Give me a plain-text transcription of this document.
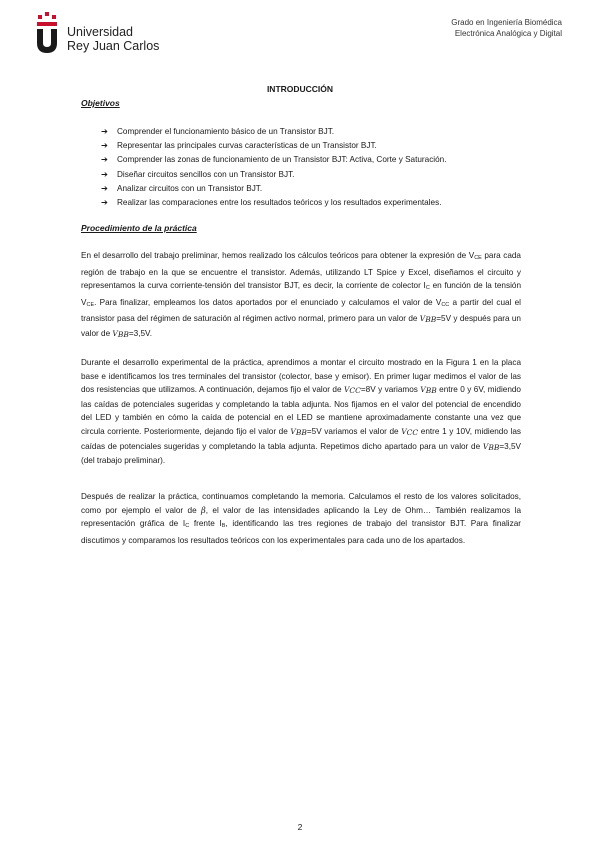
Universidad
Rey Juan Carlos
Grado en Ingeniería Biomédica
Electrónica Analógica y Digital
INTRODUCCIÓN
Objetivos
➔ Comprender el funcionamiento básico de un Transistor BJT.
➔ Representar las principales curvas características de un Transistor BJT.
➔ Comprender las zonas de funcionamiento de un Transistor BJT: Activa, Corte y Saturación.
➔ Diseñar circuitos sencillos con un Transistor BJT.
➔ Analizar circuitos con un Transistor BJT.
➔ Realizar las comparaciones entre los resultados teóricos y los resultados experimentales.
Procedimiento de la práctica

En el desarrollo del trabajo preliminar, hemos realizado los cálculos teóricos para obtener la expresión de VCE para cada región de trabajo en la que se encuentre el transistor. Además, utilizando LT Spice y Excel, diseñamos el circuito y representamos la curva corriente-tensión del transistor BJT, es decir, la corriente de colector IC en función de la tensión VCE. Para finalizar, empleamos los datos aportados por el enunciado y calculamos el valor de VCC a partir del cual el transistor pasa del régimen de saturación al régimen activo normal, primero para un valor de VBB=5V y después para un valor de VBB=3,5V.

Durante el desarrollo experimental de la práctica, aprendimos a montar el circuito mostrado en la Figura 1 en la placa base e identificamos los tres terminales del transistor (colector, base y emisor). En primer lugar medimos el valor de las dos resistencias que utilizamos. A continuación, dejamos fijo el valor de VCC=8V y variamos VBB entre 0 y 6V, midiendo las caídas de potenciales sugeridas y completando la tabla adjunta. Nos fijamos en el valor del potencial de encendido del LED y también en cómo la caída de potencial en el LED se mantiene aproximadamente constante una vez que circula corriente. Posteriormente, dejando fijo el valor de VBB=5V variamos el valor de VCC entre 1 y 10V, midiendo las caídas de potenciales sugeridas y completando la tabla adjunta. Repetimos dicho apartado para un valor de VBB=3,5V (del trabajo preliminar).

Después de realizar la práctica, continuamos completando la memoria. Calculamos el resto de los valores solicitados, como por ejemplo el valor de β, el valor de las intensidades aplicando la Ley de Ohm… También realizamos la representación gráfica de IC frente IB, identificando las tres regiones de trabajo del transistor BJT. Para finalizar discutimos y comparamos los resultados teóricos con los experimentales para cada uno de los apartados.

2
